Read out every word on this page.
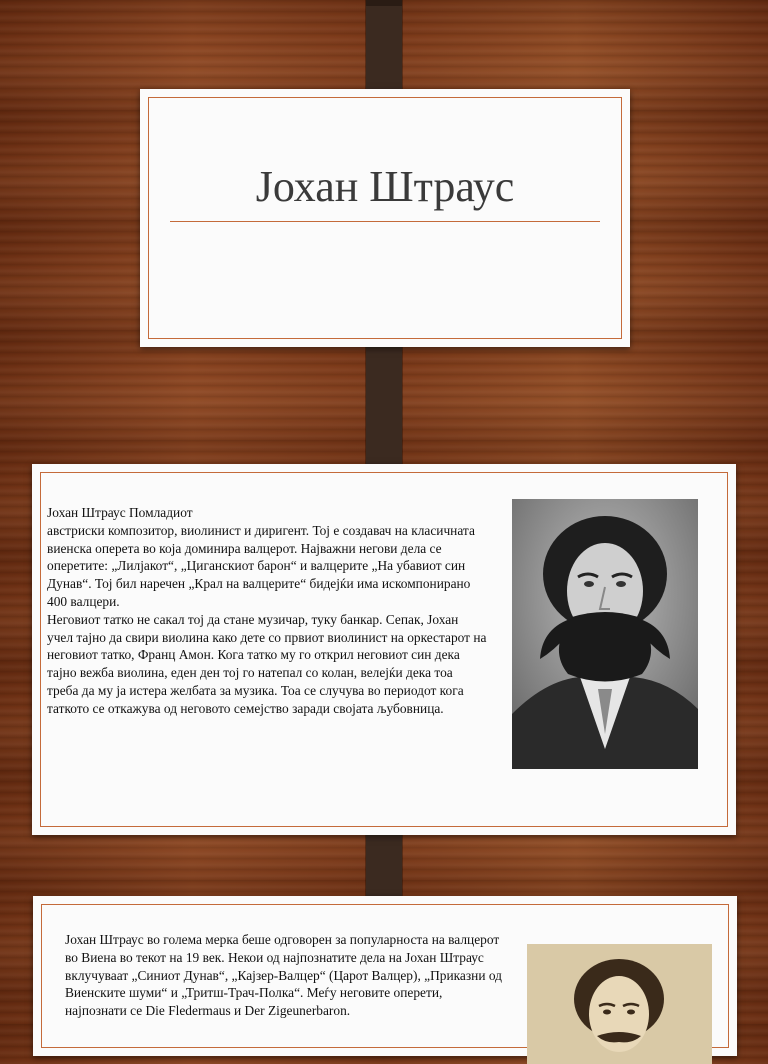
Јохан Штраус

Јохан Штраус Помладиот

австриски композитор, виолинист и диригент. Тој е создавач на класичната виенска оперета во која доминира валцерот. Најважни негови дела се оперетите: „Лилјакот“, „Циганскиот барон“ и валцерите „На убавиот син Дунав“. Тој бил наречен „Крал на валцерите“ бидејќи има искомпонирано 400 валцери.

Неговиот татко не сакал тој да стане музичар, туку банкар. Сепак, Јохан учел тајно да свири виолина како дете со првиот виолинист на оркестарот на неговиот татко, Франц Амон. Кога татко му го открил неговиот син дека тајно вежба виолина, еден ден тој го натепал со колан, велејќи дека тоа треба да му ја истера желбата за музика. Тоа се случува во периодот кога таткото се откажува од неговото семејство заради својата љубовница.

Јохан Штраус во голема мерка беше одговорен за популарноста на валцерот во Виена во текот на 19 век. Некои од најпознатите дела на Јохан Штраус вклучуваат „Синиот Дунав“, „Кајзер-Валцер“ (Царот Валцер), „Приказни од Виенските шуми“ и „Тритш-Трач-Полка“. Меѓу неговите оперети, најпознати се Die Fledermaus и Der Zigeunerbaron.
